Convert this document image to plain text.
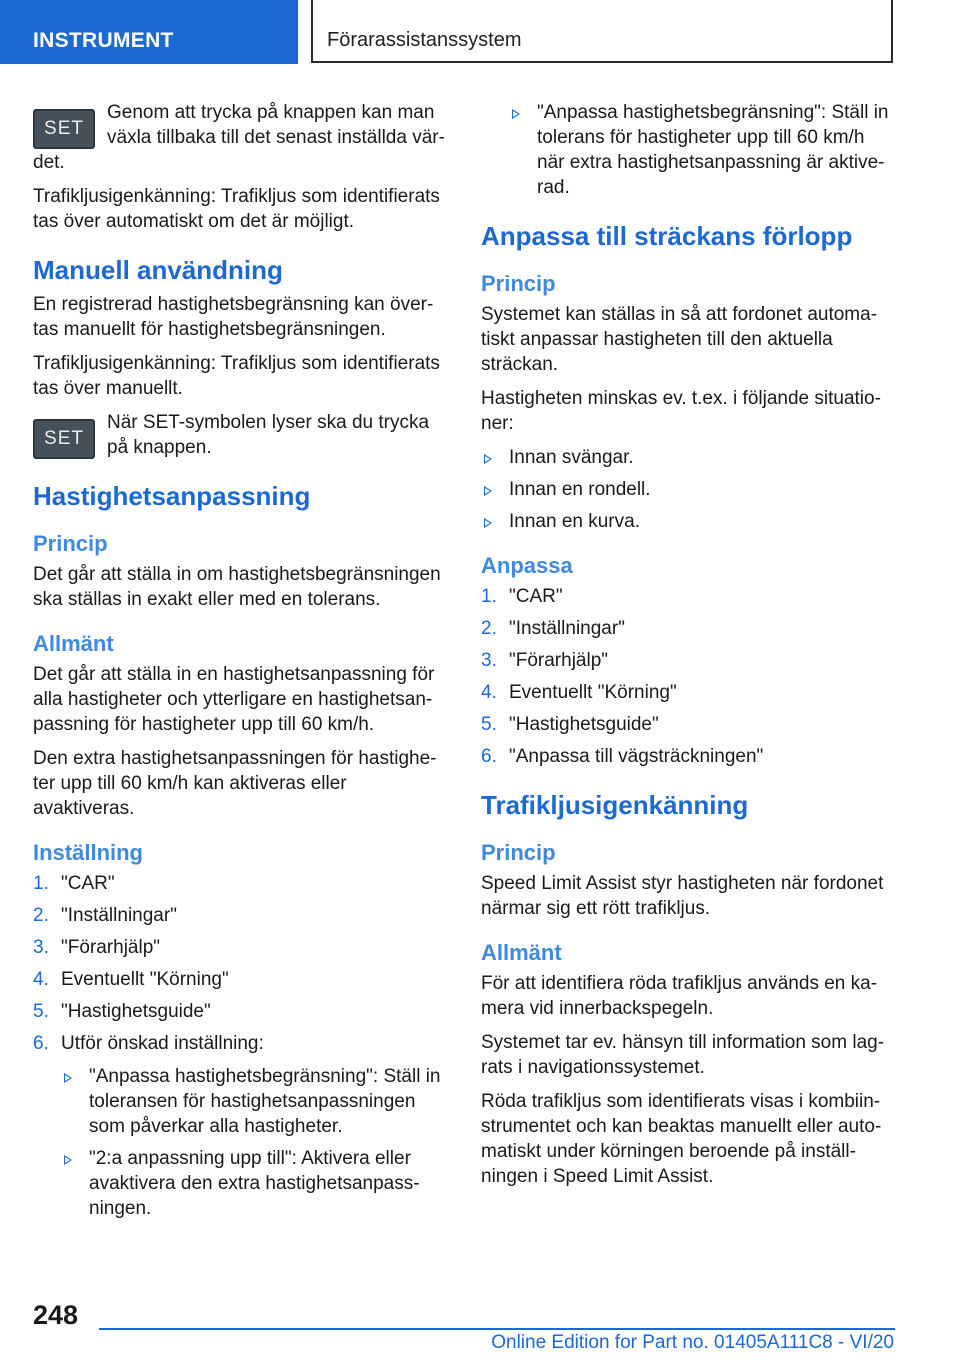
INSTRUMENT	Förarassistanssystem
SET

Genom att trycka på knappen kan man växla tillbaka till det senast inställda vär-

det.

Trafikljusigenkänning: Trafikljus som identifierats tas över automatiskt om det är möjligt.

Manuell användning

En registrerad hastighetsbegränsning kan över-tas manuellt för hastighetsbegränsningen.

Trafikljusigenkänning: Trafikljus som identifierats tas över manuellt.

SET

När SET-symbolen lyser ska du trycka på knappen.

Hastighetsanpassning
Princip

Det går att ställa in om hastighetsbegränsningen ska ställas in exakt eller med en tolerans.

Allmänt

Det går att ställa in en hastighetsanpassning för alla hastigheter och ytterligare en hastighetsan-passning för hastigheter upp till 60 km/h.

Den extra hastighetsanpassningen för hastighe-ter upp till 60 km/h kan aktiveras eller avaktiveras.

Inställning
1. "CAR"
2. "Inställningar"
3. "Förarhjälp"
4. Eventuellt "Körning"
5. "Hastighetsguide"
6. Utför önskad inställning:
"Anpassa hastighetsbegränsning": Ställ in toleransen för hastighetsanpassningen som påverkar alla hastigheter.
"2:a anpassning upp till": Aktivera eller avaktivera den extra hastighetsanpass-ningen.
"Anpassa hastighetsbegränsning": Ställ in tolerans för hastigheter upp till 60 km/h när extra hastighetsanpassning är aktive-rad.
Anpassa till sträckans förlopp
Princip

Systemet kan ställas in så att fordonet automa-tiskt anpassar hastigheten till den aktuella sträckan.

Hastigheten minskas ev. t.ex. i följande situatio-ner:

Innan svängar.
Innan en rondell.
Innan en kurva.
Anpassa
1. "CAR"
2. "Inställningar"
3. "Förarhjälp"
4. Eventuellt "Körning"
5. "Hastighetsguide"
6. "Anpassa till vägsträckningen"
Trafikljusigenkänning
Princip

Speed Limit Assist styr hastigheten när fordonet närmar sig ett rött trafikljus.

Allmänt

För att identifiera röda trafikljus används en ka-mera vid innerbackspegeln.

Systemet tar ev. hänsyn till information som lag-rats i navigationssystemet.

Röda trafikljus som identifierats visas i kombiin-strumentet och kan beaktas manuellt eller auto-matiskt under körningen beroende på inställ-ningen i Speed Limit Assist.

248
Online Edition for Part no. 01405A111C8 - VI/20
